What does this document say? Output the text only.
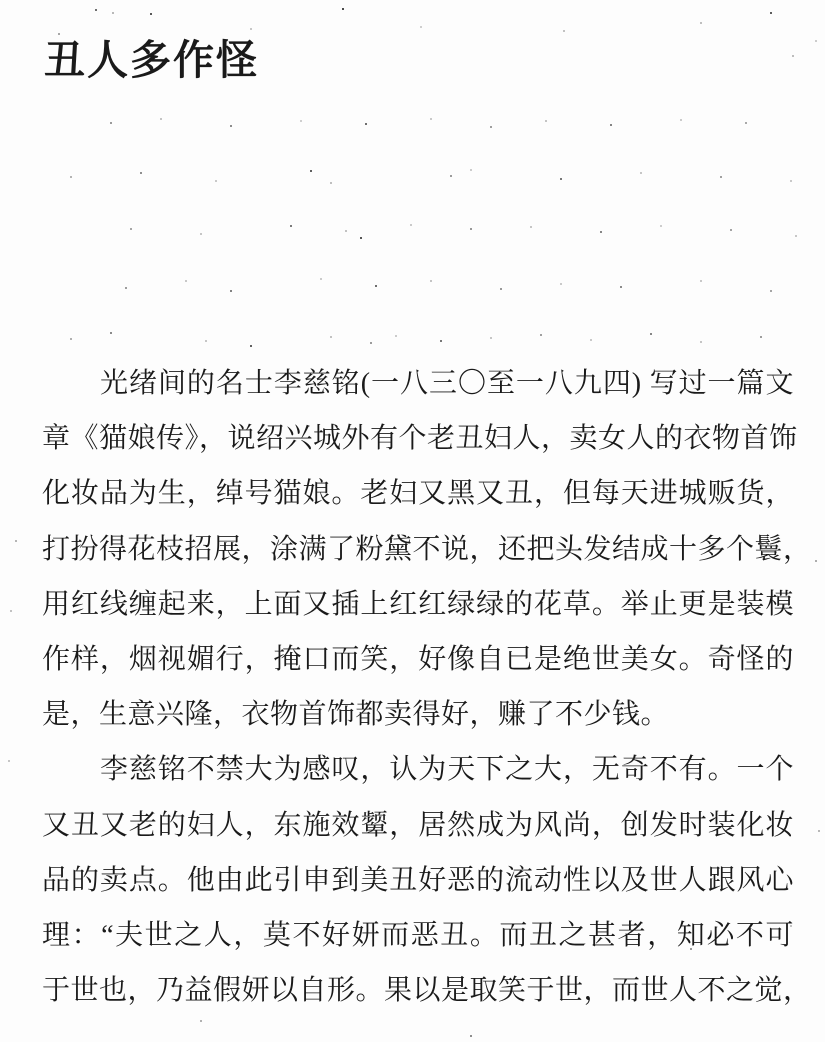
丑人多作怪
光绪间的名士李慈铭(一八三〇至一八九四) 写过一篇文
章《猫娘传》，说绍兴城外有个老丑妇人，卖女人的衣物首饰
化妆品为生，绰号猫娘。老妇又黑又丑，但每天进城贩货，
打扮得花枝招展，涂满了粉黛不说，还把头发结成十多个鬟，
用红线缠起来，上面又插上红红绿绿的花草。举止更是装模
作样，烟视媚行，掩口而笑，好像自已是绝世美女。奇怪的
是，生意兴隆，衣物首饰都卖得好，赚了不少钱。
李慈铭不禁大为感叹，认为天下之大，无奇不有。一个
又丑又老的妇人，东施效颦，居然成为风尚，创发时装化妆
品的卖点。他由此引申到美丑好恶的流动性以及世人跟风心
理：“夫世之人，莫不好妍而恶丑。而丑之甚者，知必不可
于世也，乃益假妍以自形。果以是取笑于世，而世人不之觉，
